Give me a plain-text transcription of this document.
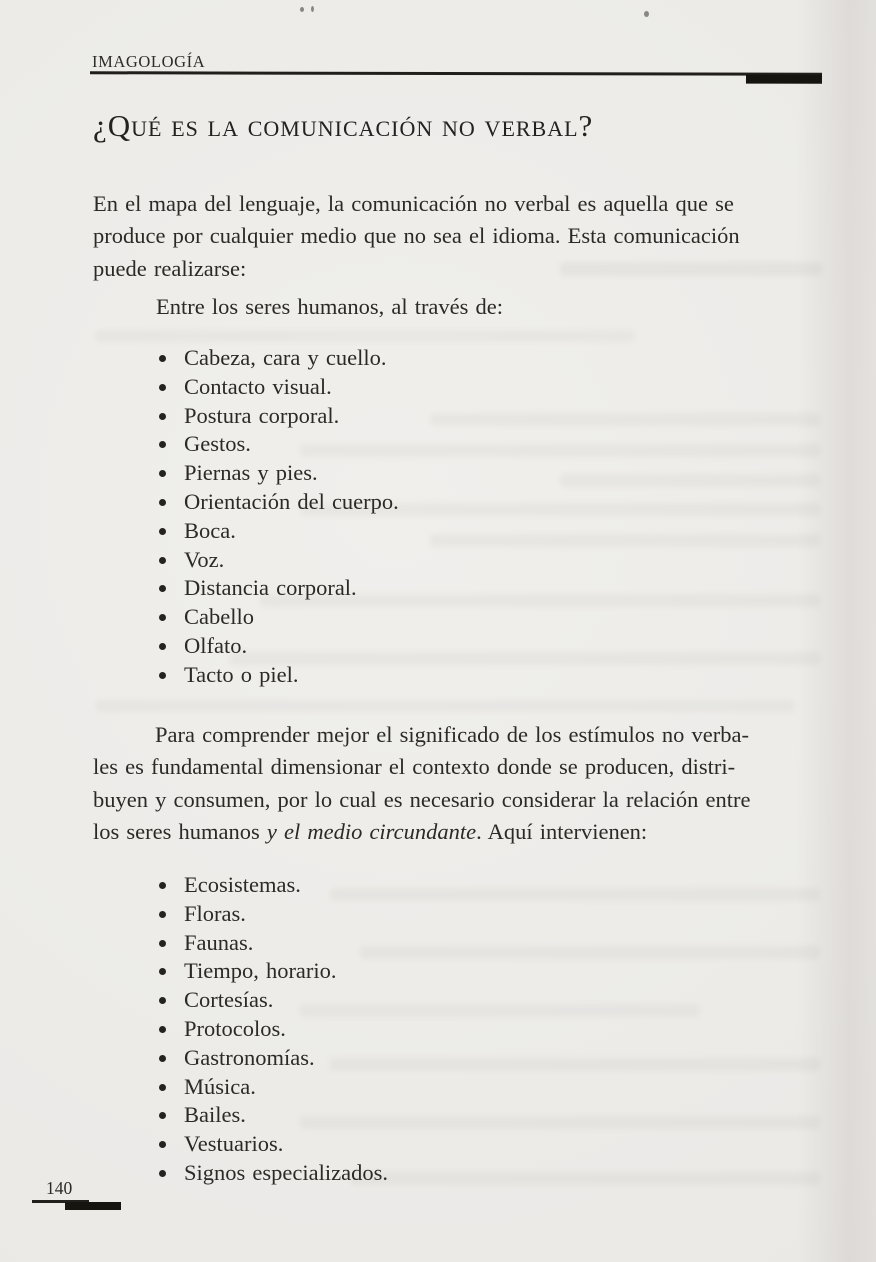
IMAGOLOGÍA
¿Qué es la comunicación no verbal?

En el mapa del lenguaje, la comunicación no verbal es aquella que se
produce por cualquier medio que no sea el idioma. Esta comunicación
puede realizarse:

Entre los seres humanos, al través de:

Cabeza, cara y cuello.
Contacto visual.
Postura corporal.
Gestos.
Piernas y pies.
Orientación del cuerpo.
Boca.
Voz.
Distancia corporal.
Cabello
Olfato.
Tacto o piel.

Para comprender mejor el significado de los estímulos no verba-
les es fundamental dimensionar el contexto donde se producen, distri-
buyen y consumen, por lo cual es necesario considerar la relación entre
los seres humanos y el medio circundante. Aquí intervienen:

Ecosistemas.
Floras.
Faunas.
Tiempo, horario.
Cortesías.
Protocolos.
Gastronomías.
Música.
Bailes.
Vestuarios.
Signos especializados.
140
